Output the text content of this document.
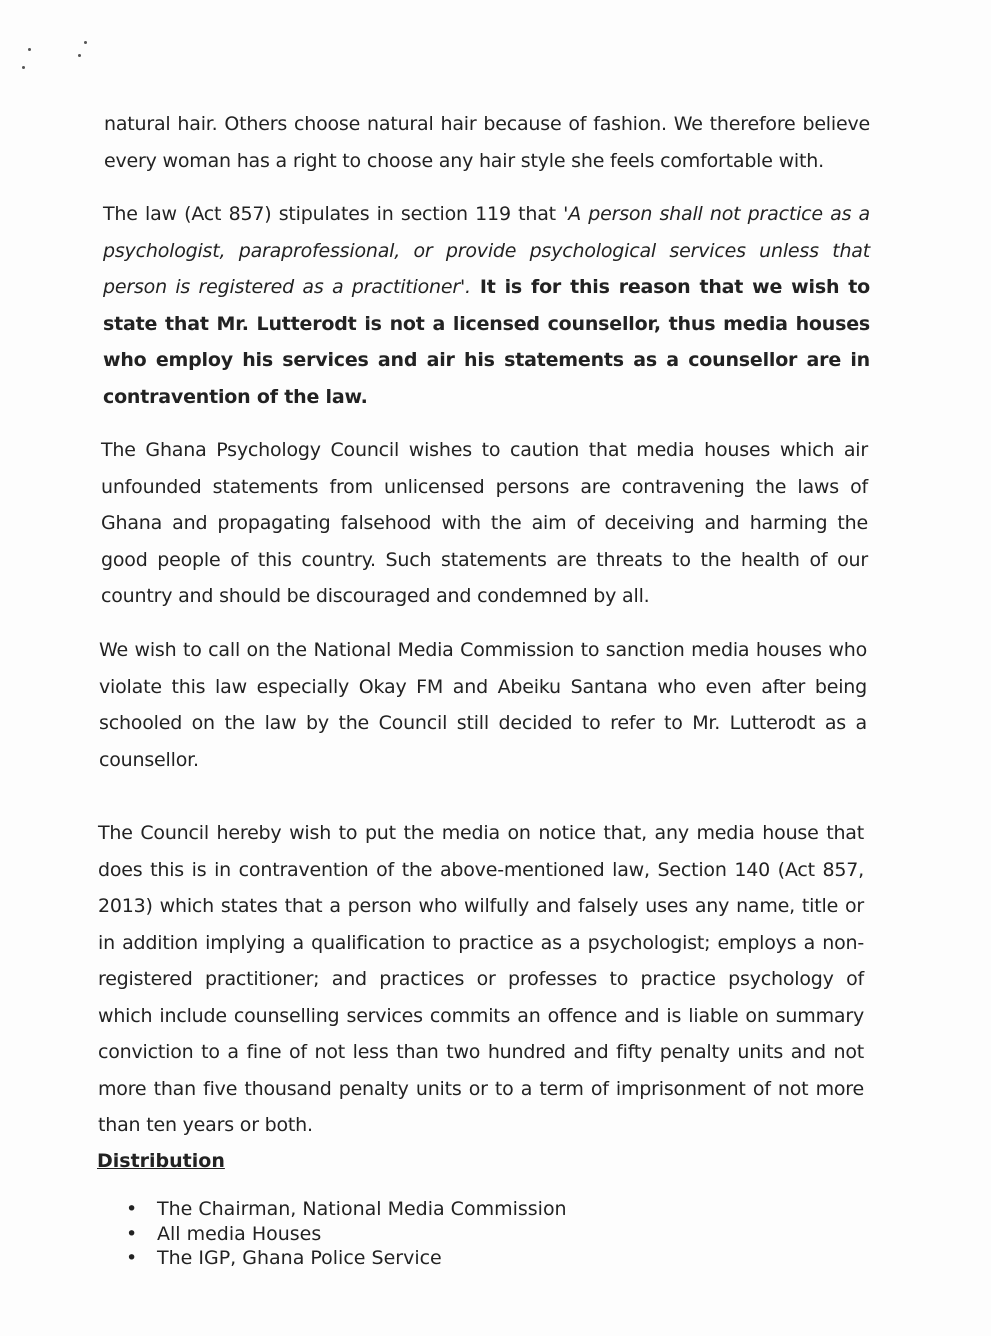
natural hair. Others choose natural hair because of fashion. We therefore believe every woman has a right to choose any hair style she feels comfortable with.

The law (Act 857) stipulates in section 119 that 'A person shall not practice as a psychologist, paraprofessional, or provide psychological services unless that person is registered as a practitioner'. It is for this reason that we wish to state that Mr. Lutterodt is not a licensed counsellor, thus media houses who employ his services and air his statements as a counsellor are in contravention of the law.

The Ghana Psychology Council wishes to caution that media houses which air unfounded statements from unlicensed persons are contravening the laws of Ghana and propagating falsehood with the aim of deceiving and harming the good people of this country. Such statements are threats to the health of our country and should be discouraged and condemned by all.

We wish to call on the National Media Commission to sanction media houses who violate this law especially Okay FM and Abeiku Santana who even after being schooled on the law by the Council still decided to refer to Mr. Lutterodt as a counsellor.

The Council hereby wish to put the media on notice that, any media house that does this is in contravention of the above-mentioned law, Section 140 (Act 857, 2013) which states that a person who wilfully and falsely uses any name, title or in addition implying a qualification to practice as a psychologist; employs a non-registered practitioner; and practices or professes to practice psychology of which include counselling services commits an offence and is liable on summary conviction to a fine of not less than two hundred and fifty penalty units and not more than five thousand penalty units or to a term of imprisonment of not more than ten years or both.

Distribution
• The Chairman, National Media Commission
• All media Houses
• The IGP, Ghana Police Service
